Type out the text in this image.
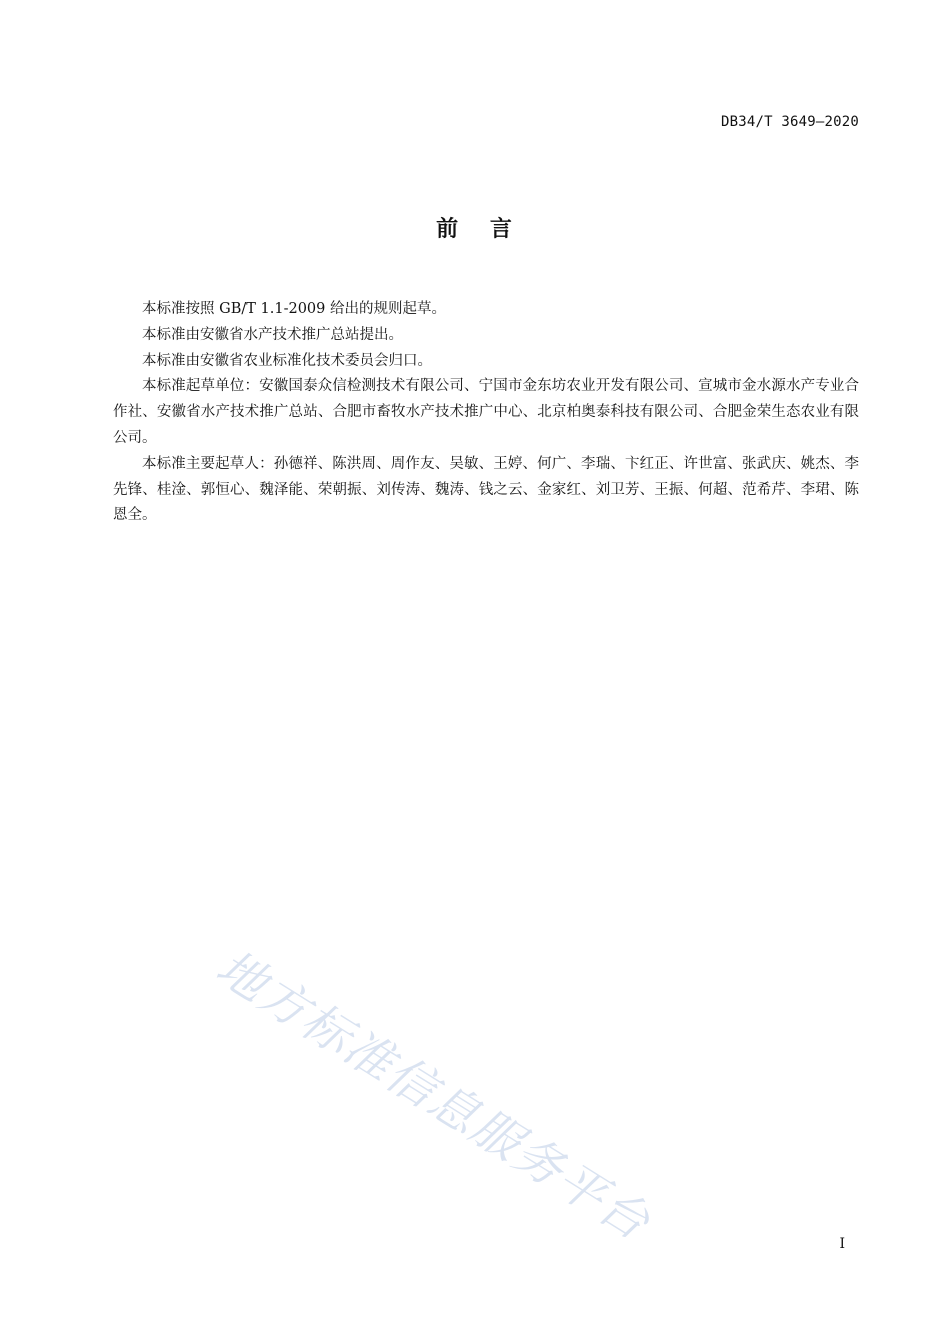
DB34/T 3649—2020
前 言

本标准按照 GB/T 1.1-2009 给出的规则起草。

本标准由安徽省水产技术推广总站提出。

本标准由安徽省农业标准化技术委员会归口。

本标准起草单位：安徽国泰众信检测技术有限公司、宁国市金东坊农业开发有限公司、宣城市金水源水产专业合作社、安徽省水产技术推广总站、合肥市畜牧水产技术推广中心、北京柏奥泰科技有限公司、合肥金荣生态农业有限公司。

本标准主要起草人：孙德祥、陈洪周、周作友、吴敏、王婷、何广、李瑞、卞红正、许世富、张武庆、姚杰、李先锋、桂淦、郭恒心、魏泽能、荣朝振、刘传涛、魏涛、钱之云、金家红、刘卫芳、王振、何超、范希芹、李珺、陈恩全。

地方标准信息服务平台	I
